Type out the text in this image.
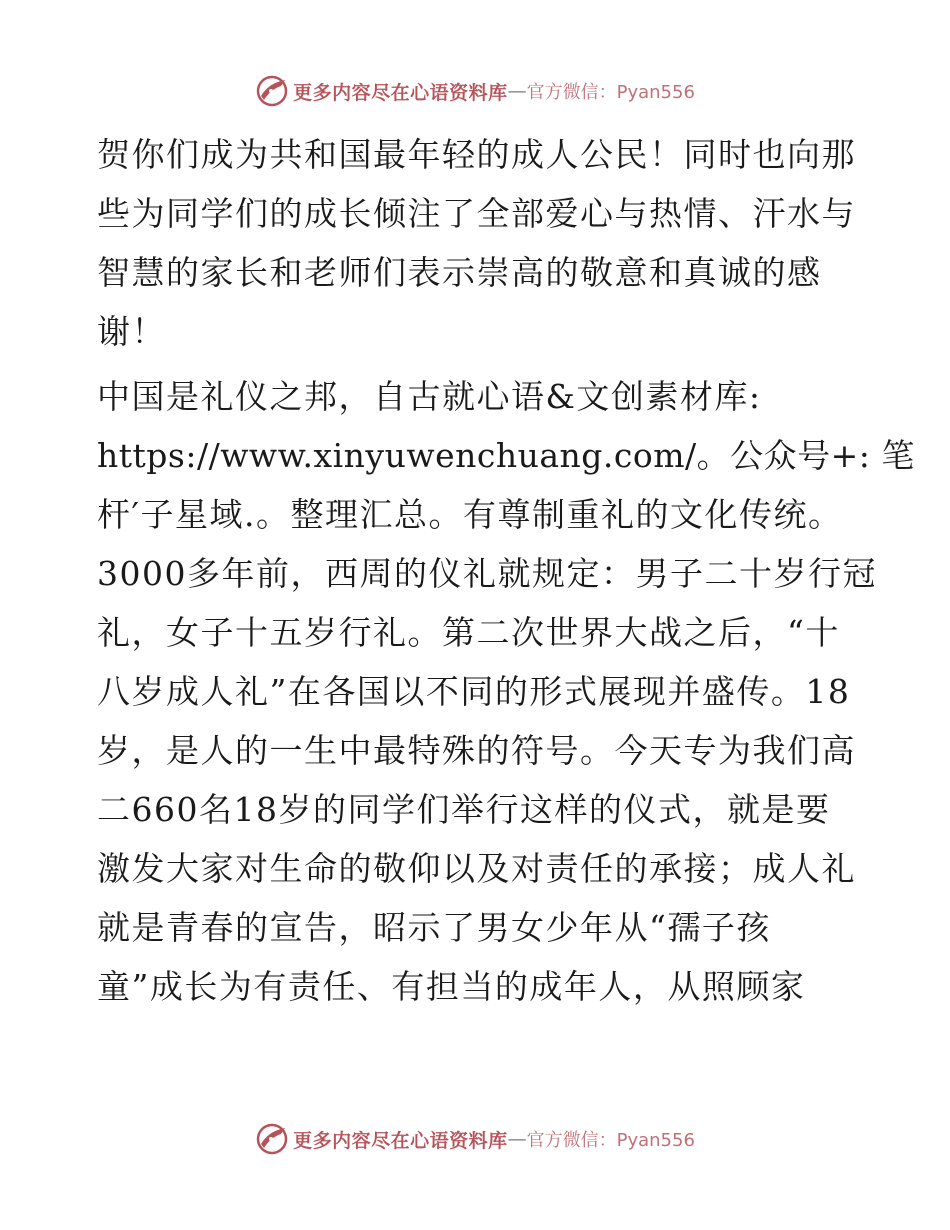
更多内容尽在心语资料库 — 官方微信：Pyan556
贺你们成为共和国最年轻的成人公民！同时也向那
些为同学们的成长倾注了全部爱心与热情、汗水与
智慧的家长和老师们表示崇高的敬意和真诚的感
谢！
中国是礼仪之邦，自古就心语&文创素材库:
https://www.xinyuwenchuang.com/。公众号+: 笔
杆′子星域.。整理汇总。有尊制重礼的文化传统。
3000多年前，西周的仪礼就规定：男子二十岁行冠
礼，女子十五岁行礼。第二次世界大战之后，“十
八岁成人礼”在各国以不同的形式展现并盛传。18
岁，是人的一生中最特殊的符号。今天专为我们高
二660名18岁的同学们举行这样的仪式，就是要
激发大家对生命的敬仰以及对责任的承接；成人礼
就是青春的宣告，昭示了男女少年从“孺子孩
童”成长为有责任、有担当的成年人，从照顾家
更多内容尽在心语资料库 — 官方微信：Pyan556
